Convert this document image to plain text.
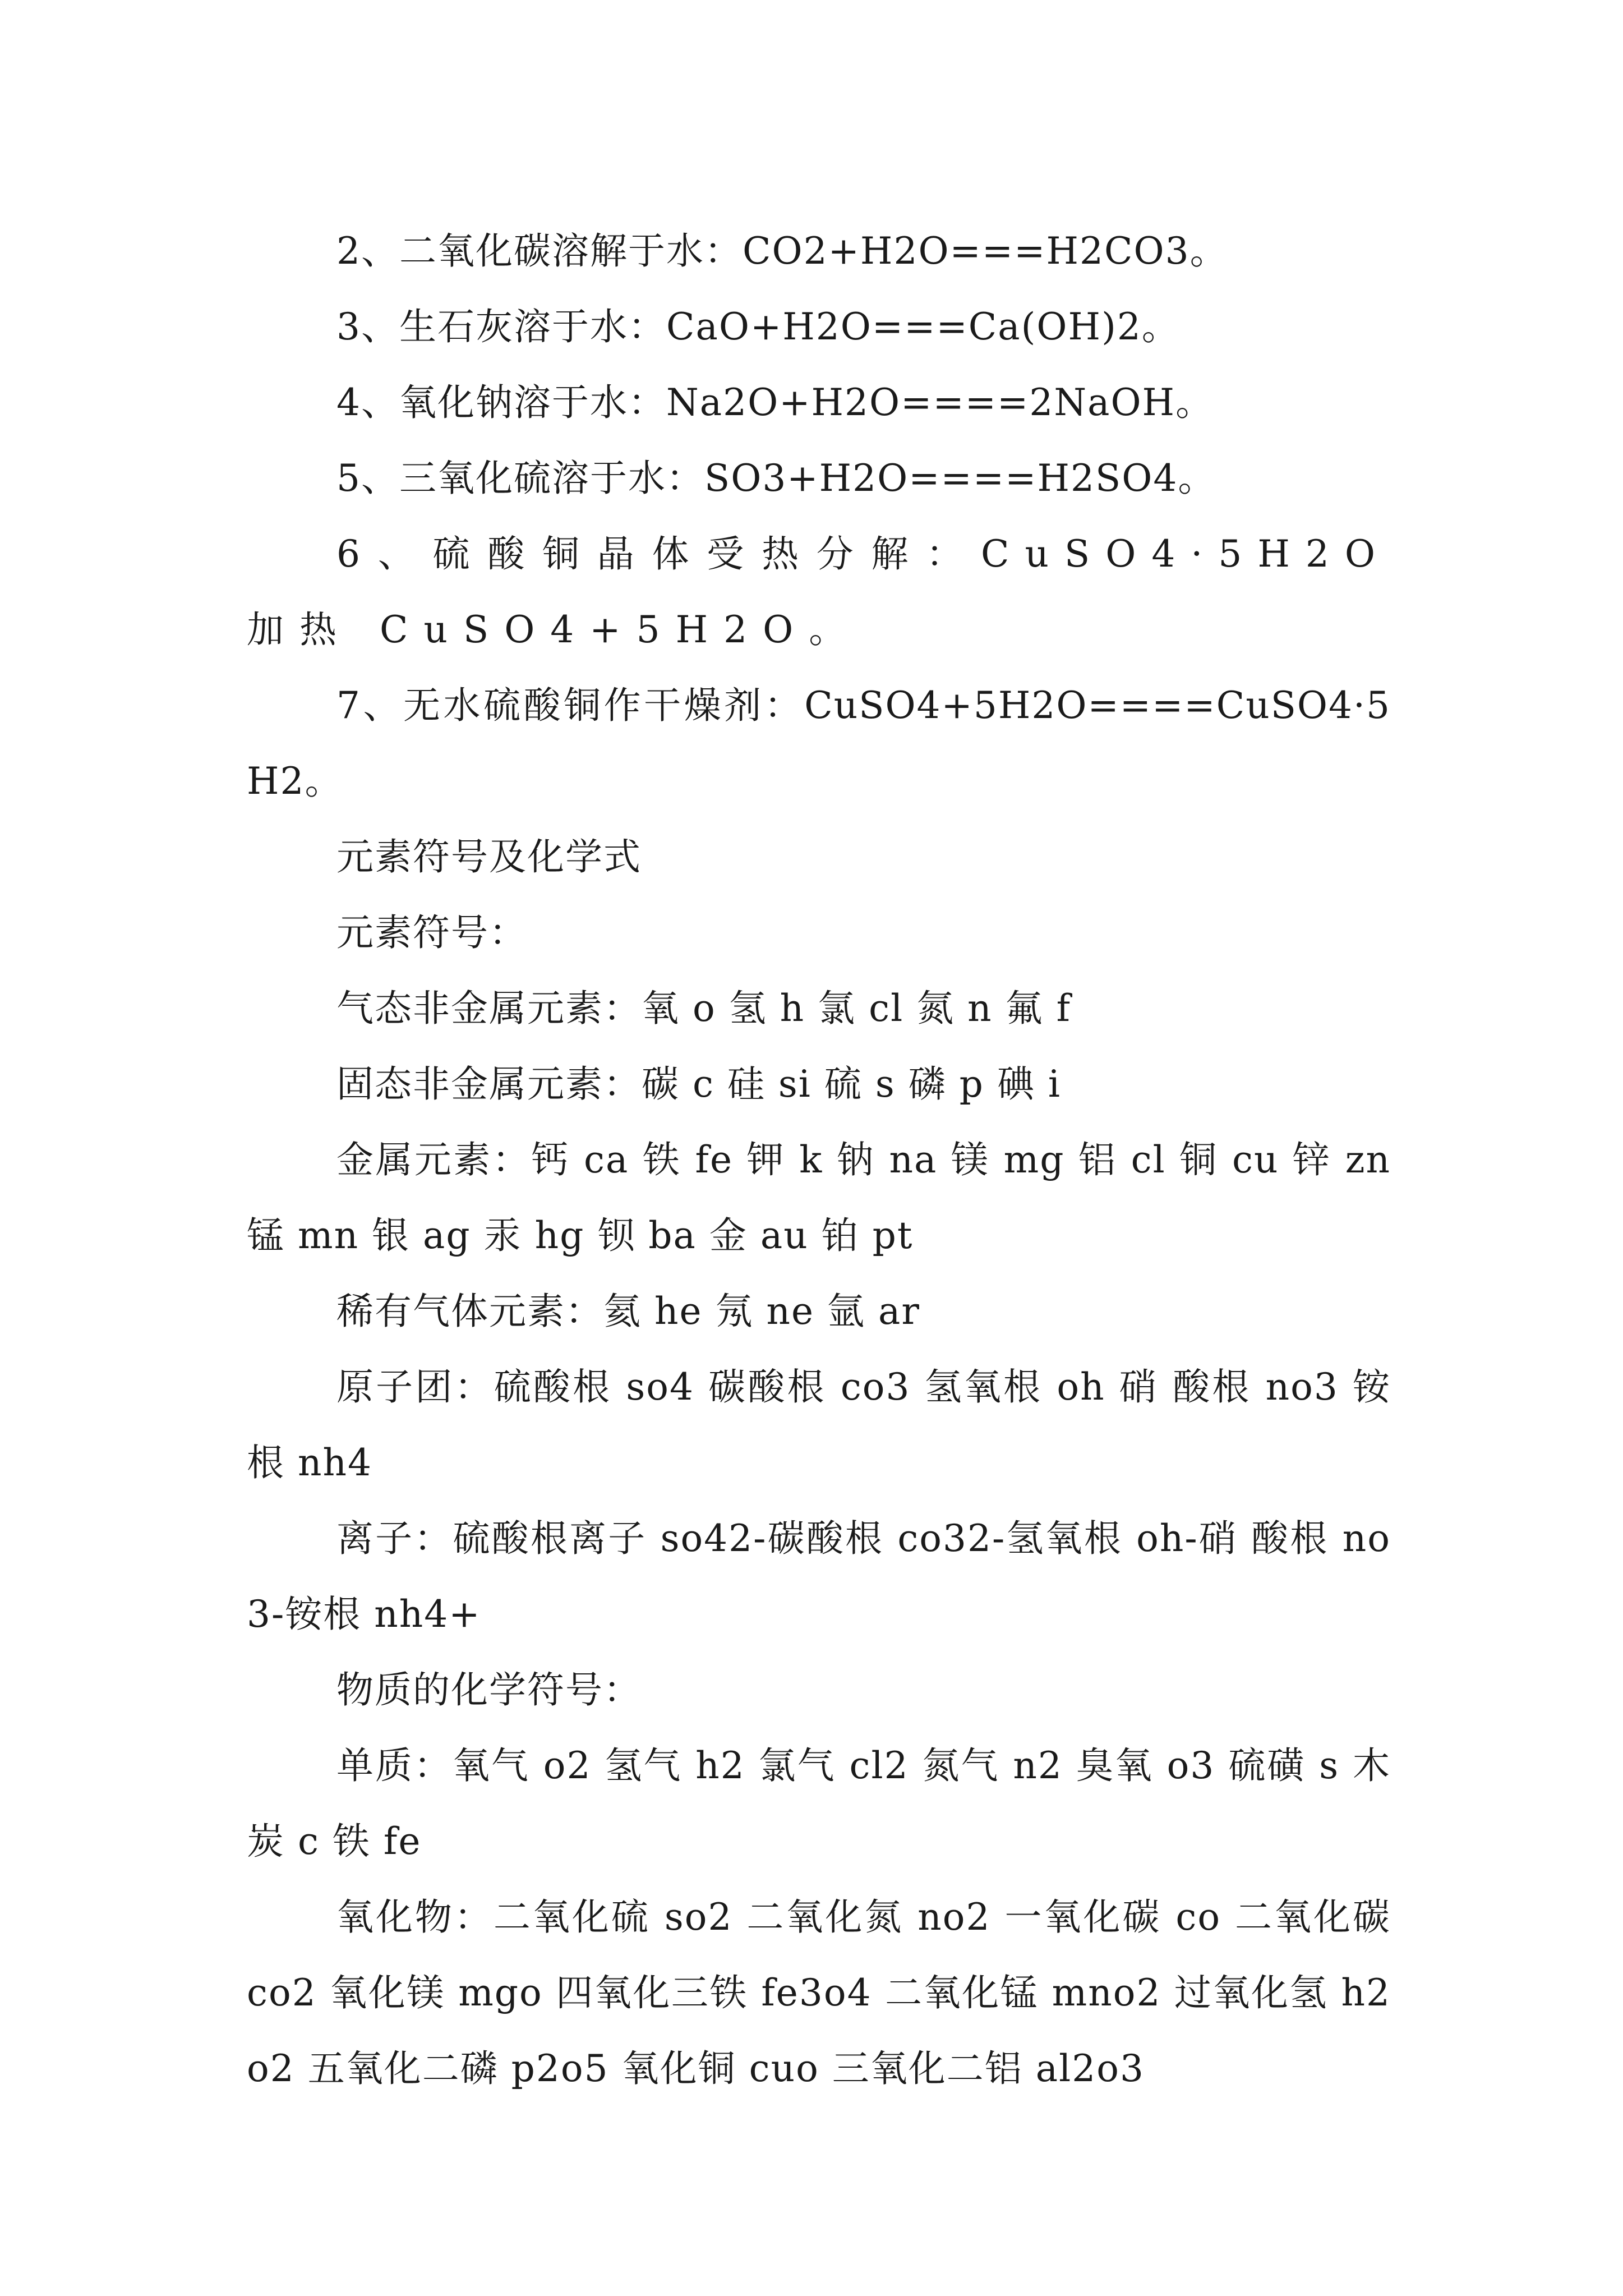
2、二氧化碳溶解于水：CO2+H2O===H2CO3。

3、生石灰溶于水：CaO+H2O===Ca(OH)2。

4、氧化钠溶于水：Na2O+H2O====2NaOH。

5、三氧化硫溶于水：SO3+H2O====H2SO4。

6、硫酸铜晶体受热分解：CuSO4·5H2O 加热 CuSO4+5H2O。

7、无水硫酸铜作干燥剂：CuSO4+5H2O====CuSO4·5H2。

元素符号及化学式

元素符号：

气态非金属元素：氧 o 氢 h 氯 cl 氮 n 氟 f

固态非金属元素：碳 c 硅 si 硫 s 磷 p 碘 i

金属元素：钙 ca 铁 fe 钾 k 钠 na 镁 mg 铝 cl 铜 cu 锌 zn 锰 mn 银 ag 汞 hg 钡 ba 金 au 铂 pt

稀有气体元素：氦 he 氖 ne 氩 ar

原子团：硫酸根 so4 碳酸根 co3 氢氧根 oh 硝 酸根 no3 铵根 nh4

离子：硫酸根离子 so42-碳酸根 co32-氢氧根 oh-硝 酸根 no3-铵根 nh4+

物质的化学符号：

单质：氧气 o2 氢气 h2 氯气 cl2 氮气 n2 臭氧 o3 硫磺 s 木炭 c 铁 fe

氧化物：二氧化硫 so2 二氧化氮 no2 一氧化碳 co 二氧化碳 co2 氧化镁 mgo 四氧化三铁 fe3o4 二氧化锰 mno2 过氧化氢 h2o2 五氧化二磷 p2o5 氧化铜 cuo 三氧化二铝 al2o3
